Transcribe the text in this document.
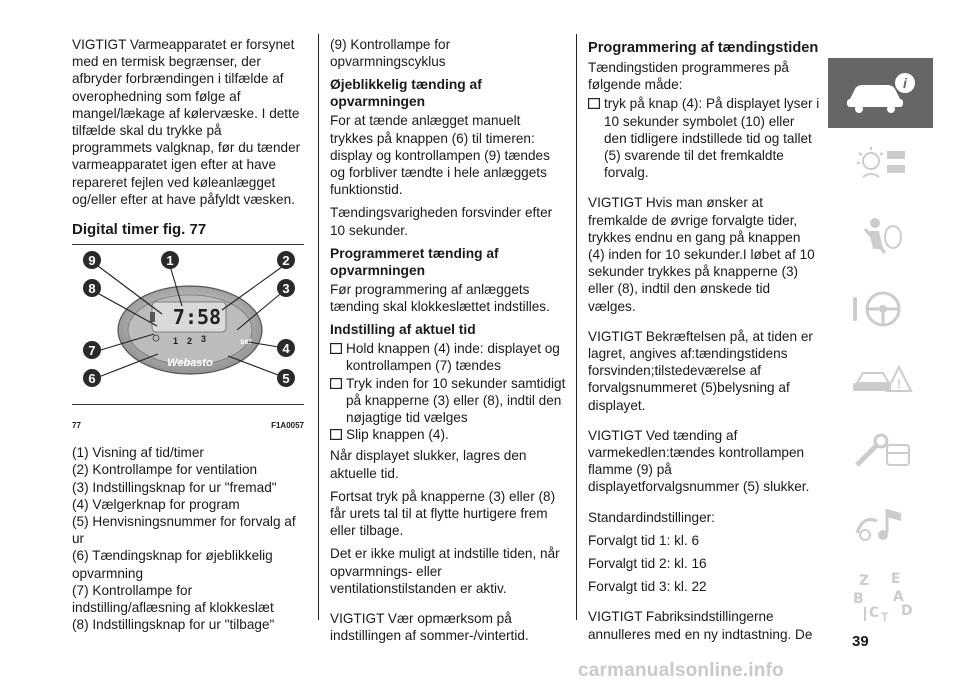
VIGTIGT Varmeapparatet er forsynet med en termisk begrænser, der afbryder forbrændingen i tilfælde af overophedning som følge af mangel/lækage af kølervæske. I dette tilfælde skal du trykke på programmets valgknap, før du tænder varmeapparatet igen efter at have repareret fejlen ved køleanlægget og/eller efter at have påfyldt væsken.

Digital timer fig. 77
7:58
1 2 3	set
Webasto
9	1	2
8	3
7	4
6	5
77	F1A0057

(1) Visning af tid/timer

(2) Kontrollampe for ventilation

(3) Indstillingsknap for ur "fremad"

(4) Vælgerknap for program

(5) Henvisningsnummer for forvalg af ur

(6) Tændingsknap for øjeblikkelig opvarmning

(7) Kontrollampe for indstilling/aflæsning af klokkeslæt

(8) Indstillingsknap for ur "tilbage"

(9) Kontrollampe for opvarmningscyklus

Øjeblikkelig tænding af opvarmningen

For at tænde anlægget manuelt trykkes på knappen (6) til timeren: display og kontrollampen (9) tændes og forbliver tændte i hele anlæggets funktionstid.

Tændingsvarigheden forsvinder efter 10 sekunder.

Programmeret tænding af opvarmningen

Før programmering af anlæggets tænding skal klokkeslættet indstilles.

Indstilling af aktuel tid
Hold knappen (4) inde: displayet og kontrollampen (7) tændes
Tryk inden for 10 sekunder samtidigt på knapperne (3) eller (8), indtil den nøjagtige tid vælges
Slip knappen (4).

Når displayet slukker, lagres den aktuelle tid.

Fortsat tryk på knapperne (3) eller (8) får urets tal til at flytte hurtigere frem eller tilbage.

Det er ikke muligt at indstille tiden, når opvarmnings- eller ventilationstilstanden er aktiv.

VIGTIGT Vær opmærksom på indstillingen af sommer-/vintertid.

Programmering af tændingstiden

Tændingstiden programmeres på følgende måde:

tryk på knap (4): På displayet lyser i 10 sekunder symbolet (10) eller den tidligere indstillede tid og tallet (5) svarende til det fremkaldte forvalg.

VIGTIGT Hvis man ønsker at fremkalde de øvrige forvalgte tider, trykkes endnu en gang på knappen (4) inden for 10 sekunder.I løbet af 10 sekunder trykkes på knapperne (3) eller (8), indtil den ønskede tid vælges.

VIGTIGT Bekræftelsen på, at tiden er lagret, angives af:tændingstidens forsvinden;tilstedeværelse af forvalgsnummeret (5)belysning af displayet.

VIGTIGT Ved tænding af varmekedlen:tændes kontrollampen flamme (9) på displayetforvalgsnummer (5) slukker.

Standardindstillinger:

Forvalgt tid 1: kl. 6

Forvalgt tid 2: kl. 16

Forvalgt tid 3: kl. 22

VIGTIGT Fabriksindstillingerne annulleres med en ny indtastning. De

i
!
Z E
B A
C D
T
39
carmanualsonline.info
